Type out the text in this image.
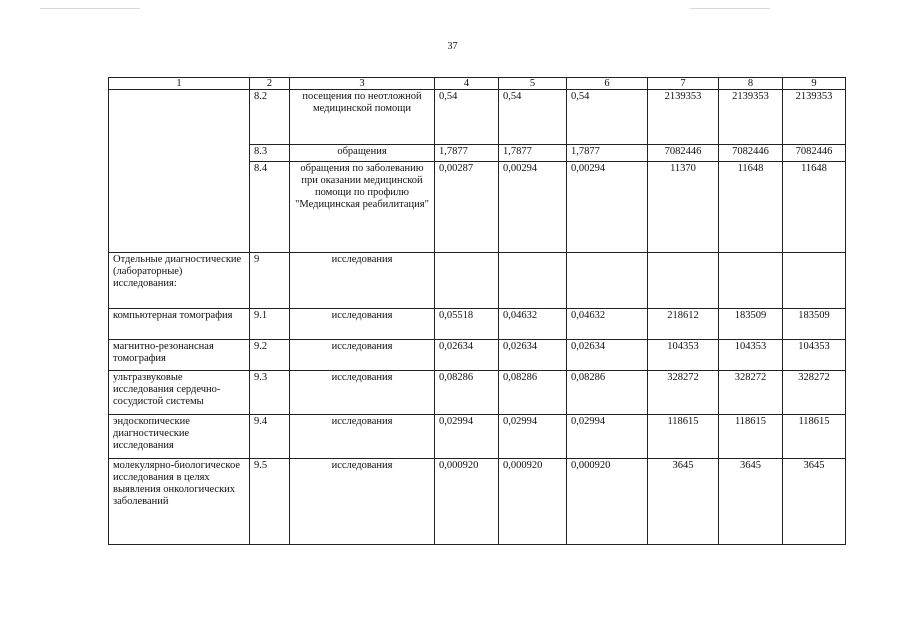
37
1	2	3	4	5	6	7	8	9
	8.2	посещения по неотложной медицинской помощи	0,54	0,54	0,54	2139353	2139353	2139353
	8.3	обращения	1,7877	1,7877	1,7877	7082446	7082446	7082446
	8.4	обращения по заболеванию при оказании медицинской помощи по профилю "Медицинская реабилитация"	0,00287	0,00294	0,00294	11370	11648	11648
Отдельные диагностические (лабораторные) исследования:	9	исследования						
компьютерная томография	9.1	исследования	0,05518	0,04632	0,04632	218612	183509	183509
магнитно-резонансная томография	9.2	исследования	0,02634	0,02634	0,02634	104353	104353	104353
ультразвуковые исследования сердечно-сосудистой системы	9.3	исследования	0,08286	0,08286	0,08286	328272	328272	328272
эндоскопические диагностические исследования	9.4	исследования	0,02994	0,02994	0,02994	118615	118615	118615
молекулярно-биологическое исследования в целях выявления онкологических заболеваний	9.5	исследования	0,000920	0,000920	0,000920	3645	3645	3645
